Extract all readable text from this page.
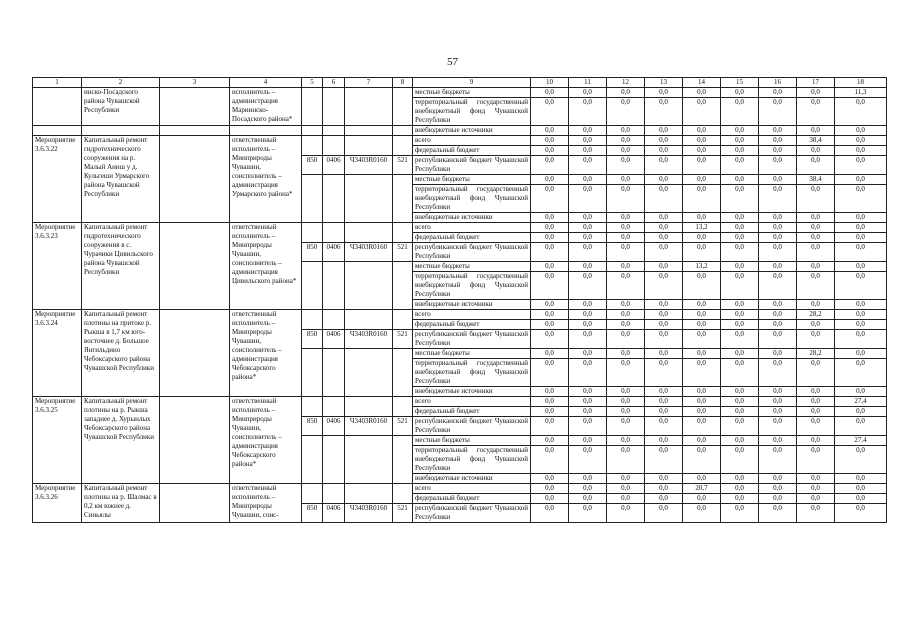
57
1	2	3	4	5	6	7	8	9	10	11	12	13	14	15	16	17	18
	инско-Посадского района Чувашской Республики		исполнитель – администрация Мариинско-Посадского района*					местные бюджеты	0,0	0,0	0,0	0,0	0,0	0,0	0,0	0,0	11,3
								территориальный государственный внебюджетный фонд Чувашской Республики	0,0	0,0	0,0	0,0	0,0	0,0	0,0	0,0	0,0
								внебюджетные источники	0,0	0,0	0,0	0,0	0,0	0,0	0,0	0,0	0,0
Мероприятие 3.6.3.22	Капитальный ремонт гидротехнического сооружения на р. Малый Аниш у д. Кульгеши Урмарского района Чувашской Республики		ответственный исполнитель – Минприроды Чувашии, соисполнитель – администрация Урмарского района*					всего	0,0	0,0	0,0	0,0	0,0	0,0	0,0	38,4	0,0
								федеральный бюджет	0,0	0,0	0,0	0,0	0,0	0,0	0,0	0,0	0,0
				850	0406	Ч3403R0160	521	республиканский бюджет Чувашской Республики	0,0	0,0	0,0	0,0	0,0	0,0	0,0	0,0	0,0
								местные бюджеты	0,0	0,0	0,0	0,0	0,0	0,0	0,0	38,4	0,0
								территориальный государственный внебюджетный фонд Чувашской Республики	0,0	0,0	0,0	0,0	0,0	0,0	0,0	0,0	0,0
								внебюджетные источники	0,0	0,0	0,0	0,0	0,0	0,0	0,0	0,0	0,0
Мероприятие 3.6.3.23	Капитальный ремонт гидротехнического сооружения в с. Чурачики Цивильского района Чувашской Республики		ответственный исполнитель – Минприроды Чувашии, соисполнитель – администрация Цивильского района*					всего	0,0	0,0	0,0	0,0	13,2	0,0	0,0	0,0	0,0
								федеральный бюджет	0,0	0,0	0,0	0,0	0,0	0,0	0,0	0,0	0,0
				850	0406	Ч3403R0160	521	республиканский бюджет Чувашской Республики	0,0	0,0	0,0	0,0	0,0	0,0	0,0	0,0	0,0
								местные бюджеты	0,0	0,0	0,0	0,0	13,2	0,0	0,0	0,0	0,0
								территориальный государственный внебюджетный фонд Чувашской Республики	0,0	0,0	0,0	0,0	0,0	0,0	0,0	0,0	0,0
								внебюджетные источники	0,0	0,0	0,0	0,0	0,0	0,0	0,0	0,0	0,0
Мероприятие 3.6.3.24	Капитальный ремонт плотины на притоке р. Рыкша в 1,7 км юго-восточнее д. Большое Янгильдино Чебоксарского района Чувашской Республики		ответственный исполнитель – Минприроды Чувашии, соисполнитель – администрация Чебоксарского района*					всего	0,0	0,0	0,0	0,0	0,0	0,0	0,0	28,2	0,0
								федеральный бюджет	0,0	0,0	0,0	0,0	0,0	0,0	0,0	0,0	0,0
				850	0406	Ч3403R0160	521	республиканский бюджет Чувашской Республики	0,0	0,0	0,0	0,0	0,0	0,0	0,0	0,0	0,0
								местные бюджеты	0,0	0,0	0,0	0,0	0,0	0,0	0,0	28,2	0,0
								территориальный государственный внебюджетный фонд Чувашской Республики	0,0	0,0	0,0	0,0	0,0	0,0	0,0	0,0	0,0
								внебюджетные источники	0,0	0,0	0,0	0,0	0,0	0,0	0,0	0,0	0,0
Мероприятие 3.6.3.25	Капитальный ремонт плотины на р. Рыкша западнее д. Хурынлых Чебоксарского района Чувашской Республики		ответственный исполнитель – Минприроды Чувашии, соисполнитель – администрация Чебоксарского района*					всего	0,0	0,0	0,0	0,0	0,0	0,0	0,0	0,0	27,4
								федеральный бюджет	0,0	0,0	0,0	0,0	0,0	0,0	0,0	0,0	0,0
				850	0406	Ч3403R0160	521	республиканский бюджет Чувашской Республики	0,0	0,0	0,0	0,0	0,0	0,0	0,0	0,0	0,0
								местные бюджеты	0,0	0,0	0,0	0,0	0,0	0,0	0,0	0,0	27,4
								территориальный государственный внебюджетный фонд Чувашской Республики	0,0	0,0	0,0	0,0	0,0	0,0	0,0	0,0	0,0
								внебюджетные источники	0,0	0,0	0,0	0,0	0,0	0,0	0,0	0,0	0,0
Мероприятие 3.6.3.26	Капитальный ремонт плотины на р. Шалмас в 0,2 км южнее д. Синьялы		ответственный исполнитель – Минприроды Чувашии, соис-					всего	0,0	0,0	0,0	0,0	20,7	0,0	0,0	0,0	0,0
								федеральный бюджет	0,0	0,0	0,0	0,0	0,0	0,0	0,0	0,0	0,0
				850	0406	Ч3403R0160	521	республиканский бюджет Чувашской Республики	0,0	0,0	0,0	0,0	0,0	0,0	0,0	0,0	0,0
